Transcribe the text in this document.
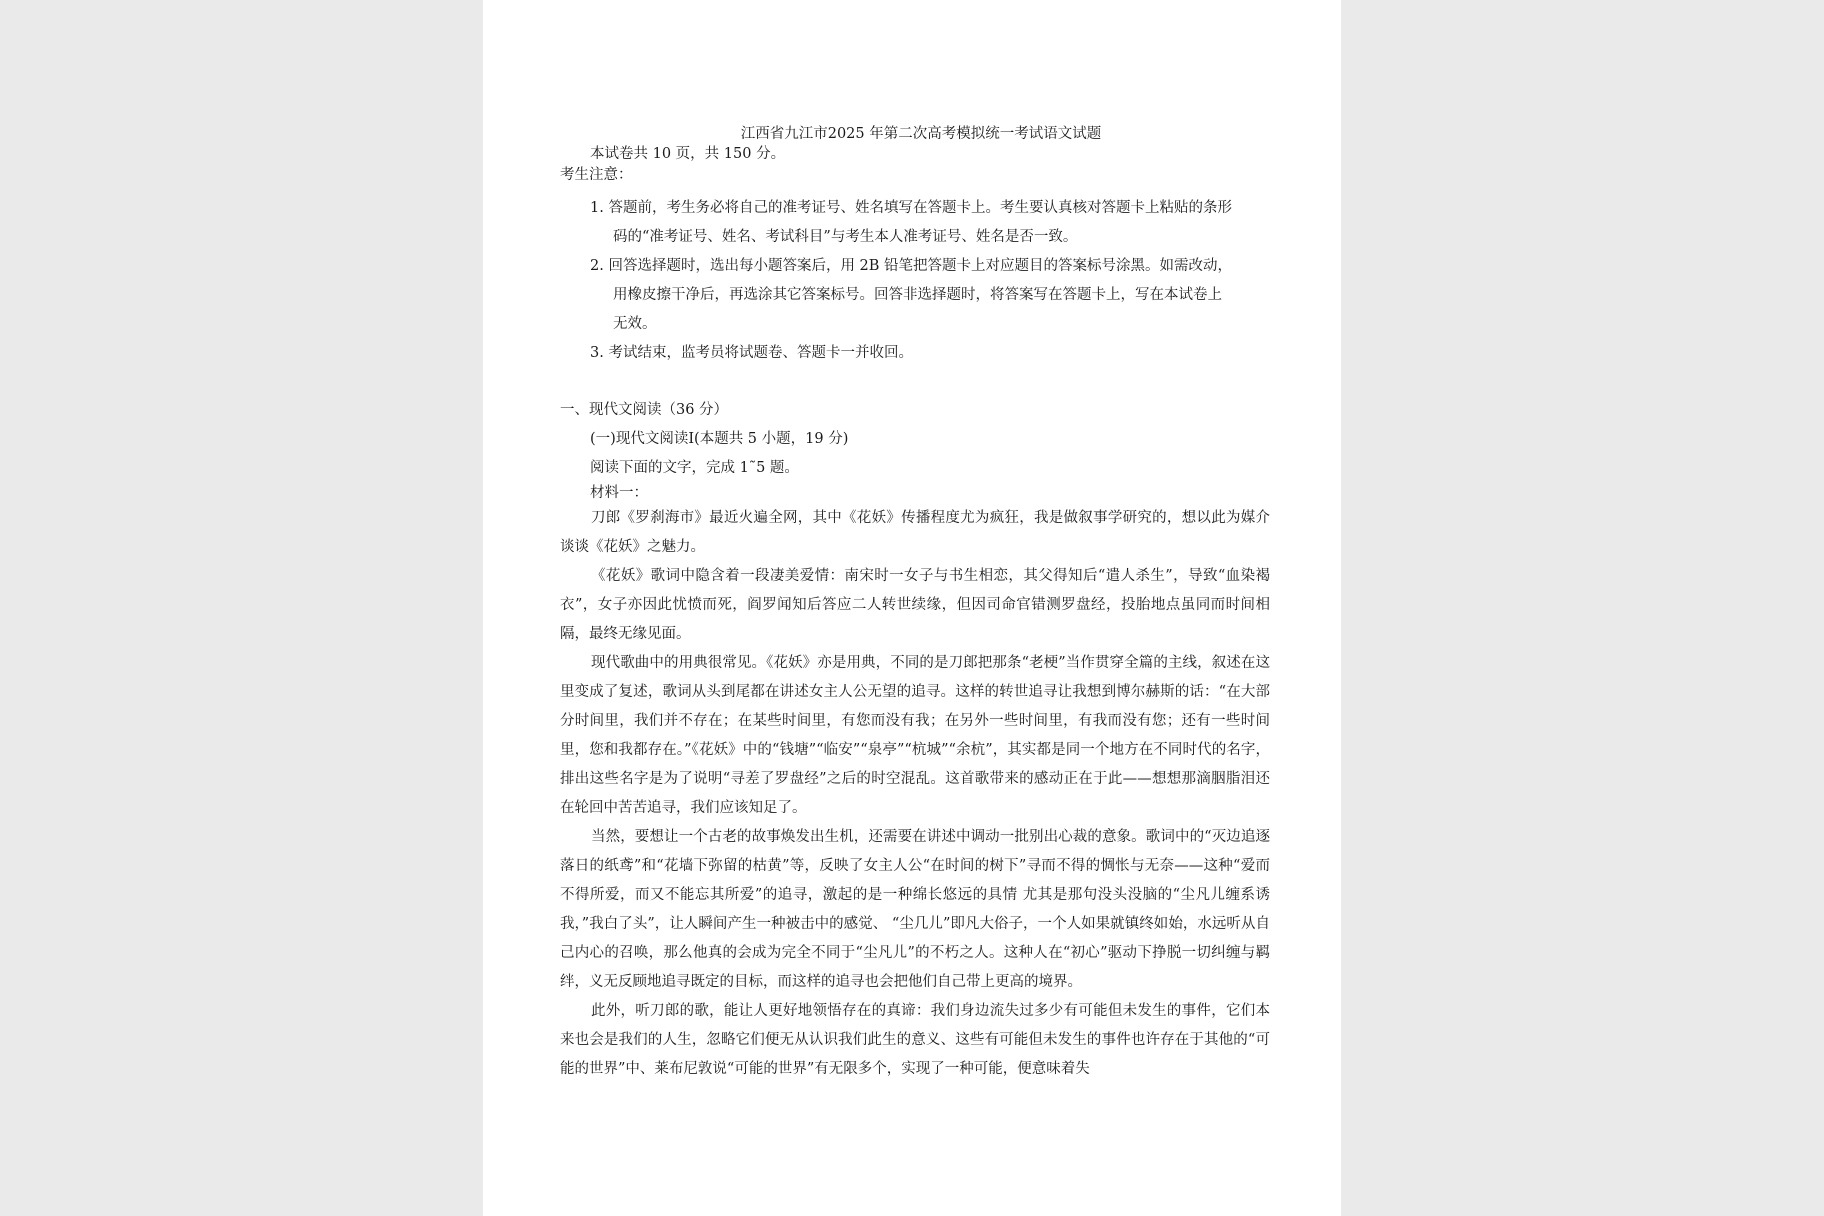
江西省九江市2025 年第二次高考模拟统一考试语文试题
本试卷共 10 页，共 150 分。
考生注意：
1. 答题前，考生务必将自己的准考证号、姓名填写在答题卡上。考生要认真核对答题卡上粘贴的条形
码的“准考证号、姓名、考试科目”与考生本人准考证号、姓名是否一致。
2. 回答选择题时，选出每小题答案后，用 2B 铅笔把答题卡上对应题目的答案标号涂黑。如需改动，
用橡皮擦干净后，再选涂其它答案标号。回答非选择题时，将答案写在答题卡上，写在本试卷上
无效。
3. 考试结束，监考员将试题卷、答题卡一并收回。
一、现代文阅读（36 分）
(一)现代文阅读Ⅰ(本题共 5 小题，19 分)
阅读下面的文字，完成 1˜5 题。
材料一：

刀郎《罗刹海市》最近火遍全网，其中《花妖》传播程度尤为疯狂，我是做叙事学研究的，想以此为媒介谈谈《花妖》之魅力。

《花妖》歌词中隐含着一段凄美爱情：南宋时一女子与书生相恋，其父得知后“遣人杀生”，导致“血染褐衣”，女子亦因此忧愤而死，阎罗闻知后答应二人转世续缘，但因司命官错测罗盘经，投胎地点虽同而时间相隔，最终无缘见面。

现代歌曲中的用典很常见。《花妖》亦是用典，不同的是刀郎把那条“老梗”当作贯穿全篇的主线，叙述在这里变成了复述，歌词从头到尾都在讲述女主人公无望的追寻。这样的转世追寻让我想到博尔赫斯的话：“在大部分时间里，我们并不存在；在某些时间里，有您而没有我；在另外一些时间里，有我而没有您；还有一些时间里，您和我都存在。”《花妖》中的“钱塘”“临安”“泉亭”“杭城”“余杭”，其实都是同一个地方在不同时代的名字，排出这些名字是为了说明“寻差了罗盘经”之后的时空混乱。这首歌带来的感动正在于此——想想那滴胭脂泪还在轮回中苦苦追寻，我们应该知足了。

当然，要想让一个古老的故事焕发出生机，还需要在讲述中调动一批别出心裁的意象。歌词中的“灭边追逐落日的纸鸢”和“花墙下弥留的枯黄”等，反映了女主人公“在时间的树下”寻而不得的惆怅与无奈——这种“爱而不得所爱，而又不能忘其所爱”的追寻，激起的是一种绵长悠远的具情 尤其是那句没头没脑的“尘凡儿缠系诱我，”我白了头”，让人瞬间产生一种被击中的感觉、 “尘几儿”即凡大俗子，一个人如果就镇终如始，水远听从自己内心的召唤，那么他真的会成为完全不同于“尘凡儿”的不朽之人。这种人在“初心”驱动下挣脱一切纠缠与羁绊，义无反顾地追寻既定的目标，而这样的追寻也会把他们自己带上更高的境界。

此外，听刀郎的歌，能让人更好地领悟存在的真谛：我们身边流失过多少有可能但未发生的事件，它们本来也会是我们的人生，忽略它们便无从认识我们此生的意义、这些有可能但未发生的事件也许存在于其他的“可能的世界”中、莱布尼敦说“可能的世界”有无限多个，实现了一种可能，便意味着失
